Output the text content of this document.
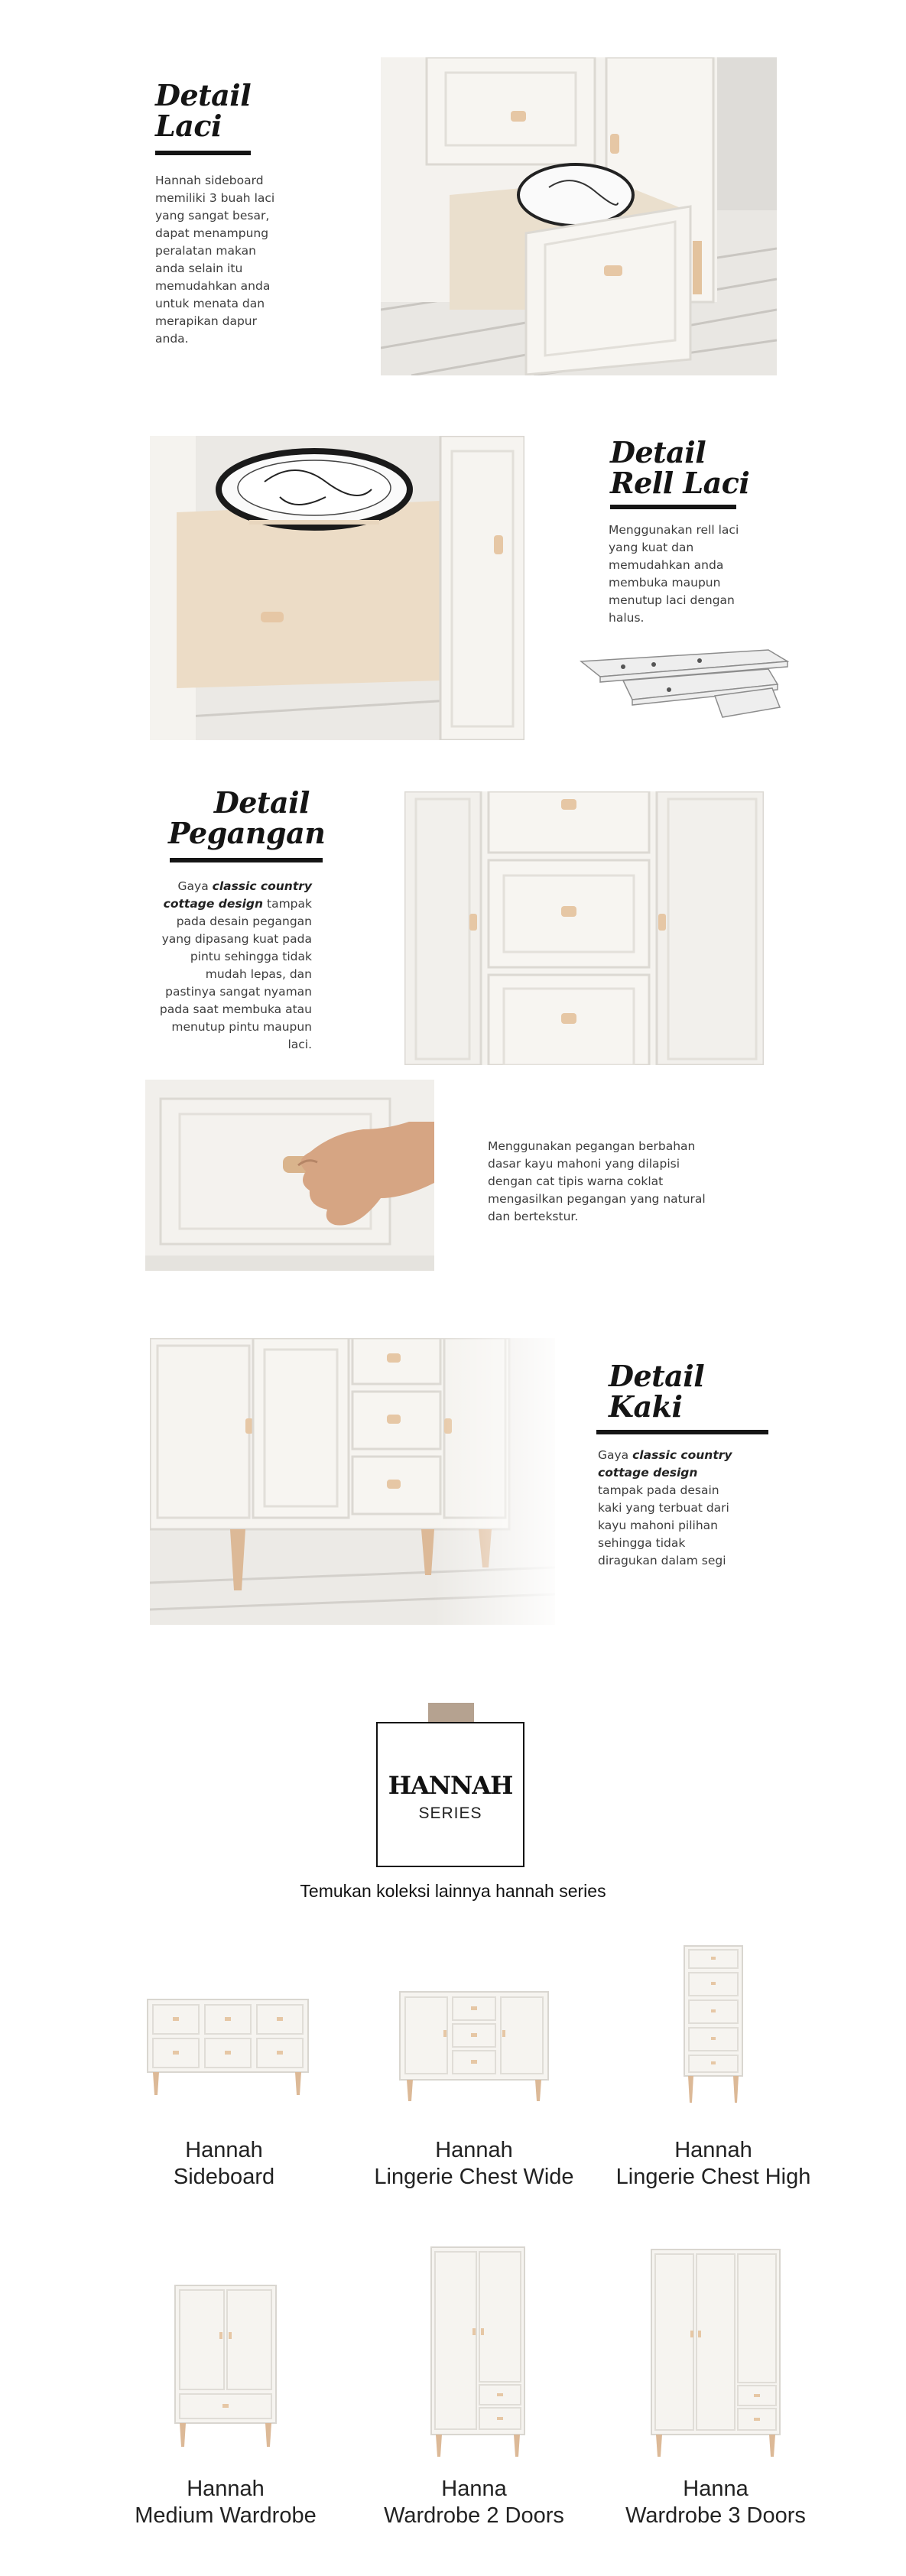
Detail
Laci
Hannah sideboard memiliki 3 buah laci yang sangat besar, dapat menampung peralatan makan anda selain itu memudahkan anda untuk menata dan merapikan dapur anda.
Detail
Rell Laci
Menggunakan rell laci yang kuat dan memudahkan anda membuka maupun menutup laci dengan halus.
Detail
Pegangan
Gaya classic country cottage design tampak pada desain pegangan yang dipasang kuat pada pintu sehingga tidak mudah lepas, dan pastinya sangat nyaman pada saat membuka atau menutup pintu maupun laci.
Menggunakan pegangan berbahan dasar kayu mahoni yang dilapisi dengan cat tipis warna coklat mengasilkan pegangan yang natural dan bertekstur.
Detail
Kaki
Gaya classic country cottage design tampak pada desain kaki yang terbuat dari kayu mahoni pilihan sehingga tidak diragukan dalam segi
HANNAH
SERIES
Temukan koleksi lainnya hannah series
Hannah
Sideboard
Hannah
Lingerie Chest Wide
Hannah
Lingerie Chest High
Hannah
Medium Wardrobe
Hanna
Wardrobe 2 Doors
Hanna
Wardrobe 3 Doors
